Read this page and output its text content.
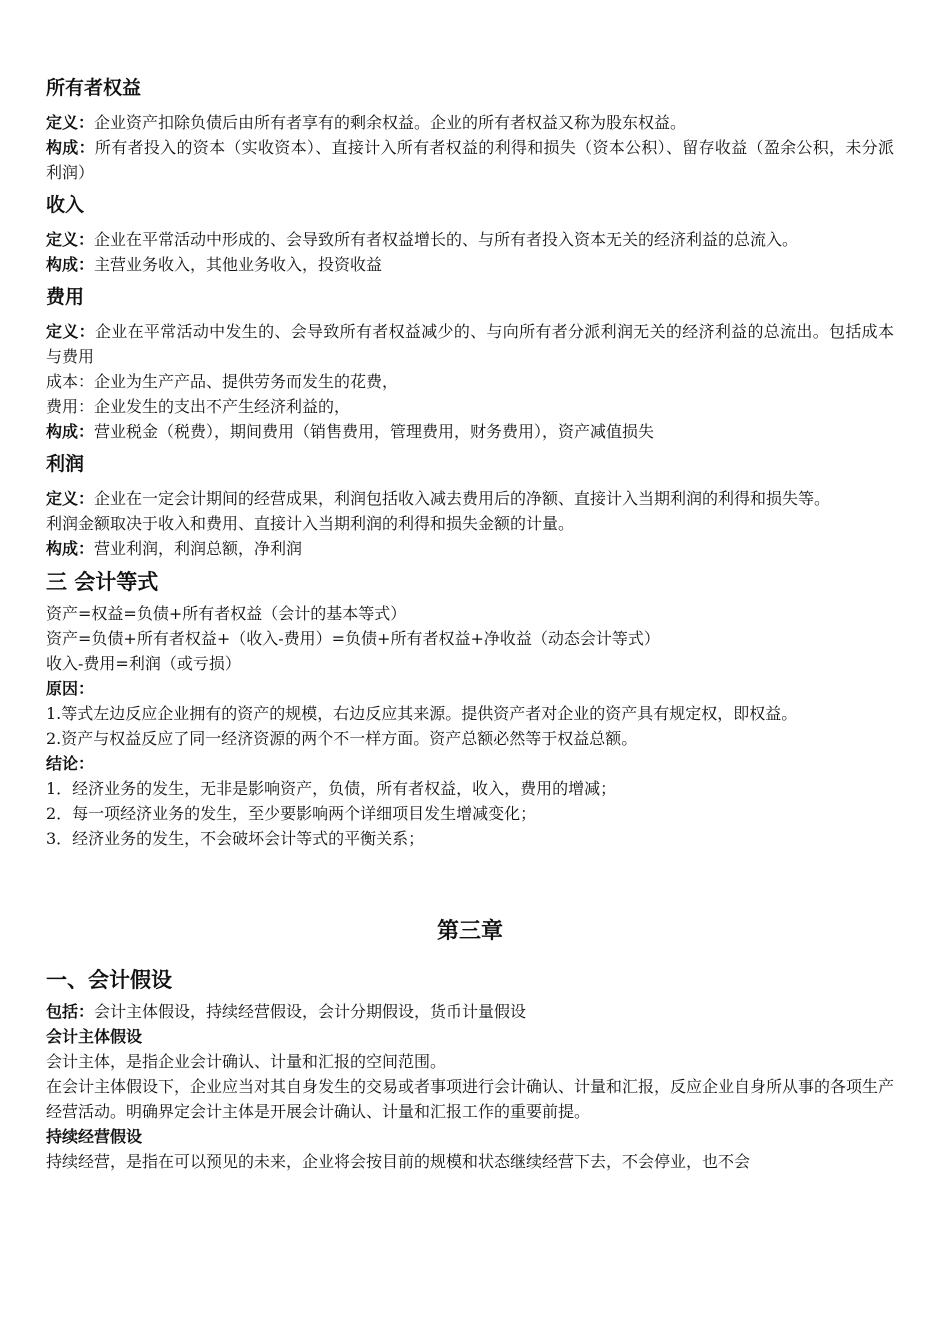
所有者权益

定义：企业资产扣除负债后由所有者享有的剩余权益。企业的所有者权益又称为股东权益。

构成：所有者投入的资本（实收资本）、直接计入所有者权益的利得和损失（资本公积）、留存收益（盈余公积，未分派利润）

收入

定义：企业在平常活动中形成的、会导致所有者权益增长的、与所有者投入资本无关的经济利益的总流入。

构成：主营业务收入，其他业务收入，投资收益

费用

定义：企业在平常活动中发生的、会导致所有者权益减少的、与向所有者分派利润无关的经济利益的总流出。包括成本与费用

成本：企业为生产产品、提供劳务而发生的花费，

费用：企业发生的支出不产生经济利益的，

构成：营业税金（税费），期间费用（销售费用，管理费用，财务费用），资产减值损失

利润

定义：企业在一定会计期间的经营成果，利润包括收入减去费用后的净额、直接计入当期利润的利得和损失等。

利润金额取决于收入和费用、直接计入当期利润的利得和损失金额的计量。

构成：营业利润，利润总额，净利润

三 会计等式

资产=权益=负债+所有者权益（会计的基本等式）

资产=负债+所有者权益+（收入-费用）=负债+所有者权益+净收益（动态会计等式）

收入-费用=利润（或亏损）

原因：

1.等式左边反应企业拥有的资产的规模，右边反应其来源。提供资产者对企业的资产具有规定权，即权益。

2.资产与权益反应了同一经济资源的两个不一样方面。资产总额必然等于权益总额。

结论：

1．经济业务的发生，无非是影响资产，负债，所有者权益，收入，费用的增减；

2．每一项经济业务的发生，至少要影响两个详细项目发生增减变化；

3．经济业务的发生，不会破坏会计等式的平衡关系；

第三章
一、会计假设

包括：会计主体假设，持续经营假设，会计分期假设，货币计量假设

会计主体假设

会计主体，是指企业会计确认、计量和汇报的空间范围。

在会计主体假设下，企业应当对其自身发生的交易或者事项进行会计确认、计量和汇报，反应企业自身所从事的各项生产经营活动。明确界定会计主体是开展会计确认、计量和汇报工作的重要前提。

持续经营假设

持续经营，是指在可以预见的未来，企业将会按目前的规模和状态继续经营下去，不会停业，也不会
